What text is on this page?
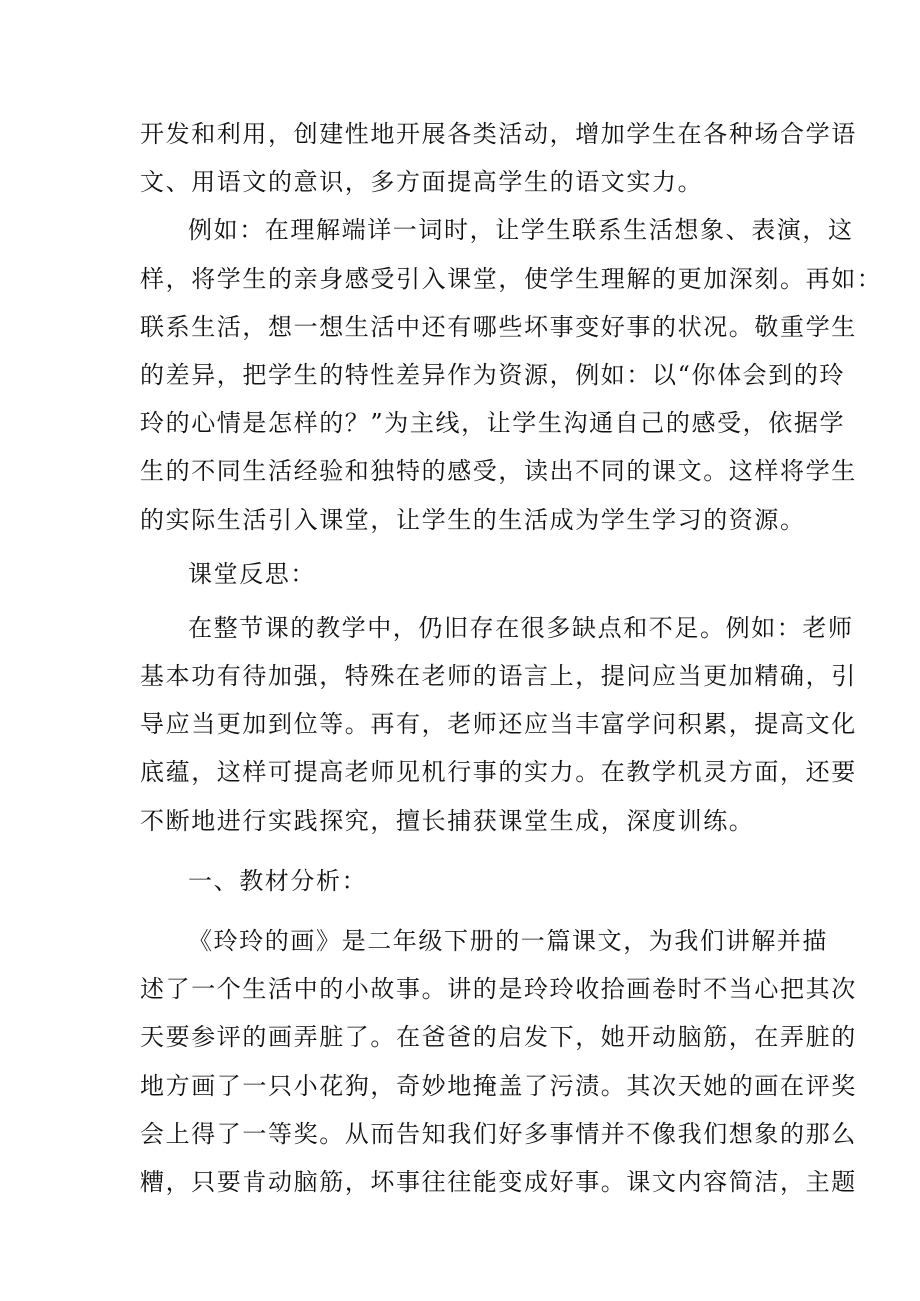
开发和利用，创建性地开展各类活动，增加学生在各种场合学语
文、用语文的意识，多方面提高学生的语文实力。
例如：在理解端详一词时，让学生联系生活想象、表演，这
样，将学生的亲身感受引入课堂，使学生理解的更加深刻。再如：
联系生活，想一想生活中还有哪些坏事变好事的状况。敬重学生
的差异，把学生的特性差异作为资源，例如：以“你体会到的玲
玲的心情是怎样的？”为主线，让学生沟通自己的感受，依据学
生的不同生活经验和独特的感受，读出不同的课文。这样将学生
的实际生活引入课堂，让学生的生活成为学生学习的资源。
课堂反思：
在整节课的教学中，仍旧存在很多缺点和不足。例如：老师
基本功有待加强，特殊在老师的语言上，提问应当更加精确，引
导应当更加到位等。再有，老师还应当丰富学问积累，提高文化
底蕴，这样可提高老师见机行事的实力。在教学机灵方面，还要
不断地进行实践探究，擅长捕获课堂生成，深度训练。
一、教材分析：
《玲玲的画》是二年级下册的一篇课文，为我们讲解并描
述了一个生活中的小故事。讲的是玲玲收拾画卷时不当心把其次
天要参评的画弄脏了。在爸爸的启发下，她开动脑筋，在弄脏的
地方画了一只小花狗，奇妙地掩盖了污渍。其次天她的画在评奖
会上得了一等奖。从而告知我们好多事情并不像我们想象的那么
糟，只要肯动脑筋，坏事往往能变成好事。课文内容简洁，主题
